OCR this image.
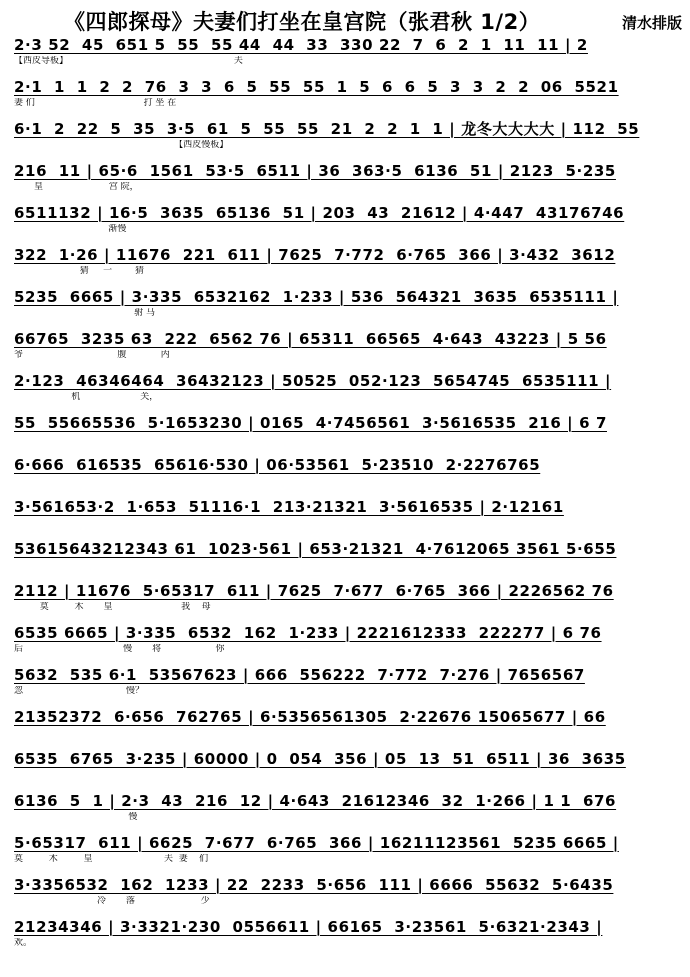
《四郎探母》夫妻们打坐在皇宫院（张君秋 1/2）	清水排版
2·3 52  45  651 5  55  55 44  44  33  330 22  7  6  2  1  11  11 | 2
【西皮导板】                                                          夫
2·1  1  1  2  2  76  3  3  6  5  55  55  1  5  6  6  5  3  3  2  2  06  5521
妻 们                                      打 坐 在
6·1  2  22  5  35  3·5  61  5  55  55  21  2  2  1  1 | 龙冬大大大大 | 112  55
【西皮慢板】
216  11 | 65·6  1561  53·5  6511 | 36  363·5  6136  51 | 2123  5·235
皇                       宫 院，
6511132 | 16·5  3635  65136  51 | 203  43  21612 | 4·447  43176746
渐慢
322  1·26 | 11676  221  611 | 7625  7·772  6·765  366 | 3·432  3612
猜     一        猜
5235  6665 | 3·335  6532162  1·233 | 536  564321  3635  6535111 |
驸 马
66765  3235 63  222  6562 76 | 65311  66565  4·643  43223 | 5 56
爷                                 腹            内
2·123  46346464  36432123 | 50525  052·123  5654745  6535111 |
机                     关，
55  55665536  5·1653230 | 0165  4·7456561  3·5616535  216 | 6 7
6·666  616535  65616·530 | 06·53561  5·23510  2·2276765
3·561653·2  1·653  51116·1  213·21321  3·5616535 | 2·12161
53615643212343 61  1023·561 | 653·21321  4·7612065 3561 5·655
2112 | 11676  5·65317  611 | 7625  7·677  6·765  366 | 2226562 76
莫         木       皇                        我    母
6535 6665 | 3·335  6532  162  1·233 | 2221612333  222277 | 6 76
后                                   慢       将                   你
5632  535 6·1  53567623 | 666  556222  7·772  7·276 | 7656567
忽                                    慢？
21352372  6·656  762765 | 6·5356561305  2·22676 15065677 | 66
6535  6765  3·235 | 60000 | 0  054  356 | 05  13  51  6511 | 36  3635
6136  5  1 | 2·3  43  216  12 | 4·643  21612346  32  1·266 | 1 1  676
慢
5·65317  611 | 6625  7·677  6·765  366 | 16211123561  5235 6665 |
莫         木         皇                         夫  妻    们
3·3356532  162  1233 | 22  2233  5·656  111 | 6666  55632  5·6435
冷       落                       少
21234346 | 3·3321·230  0556611 | 66165  3·23561  5·6321·2343 |
欢。
